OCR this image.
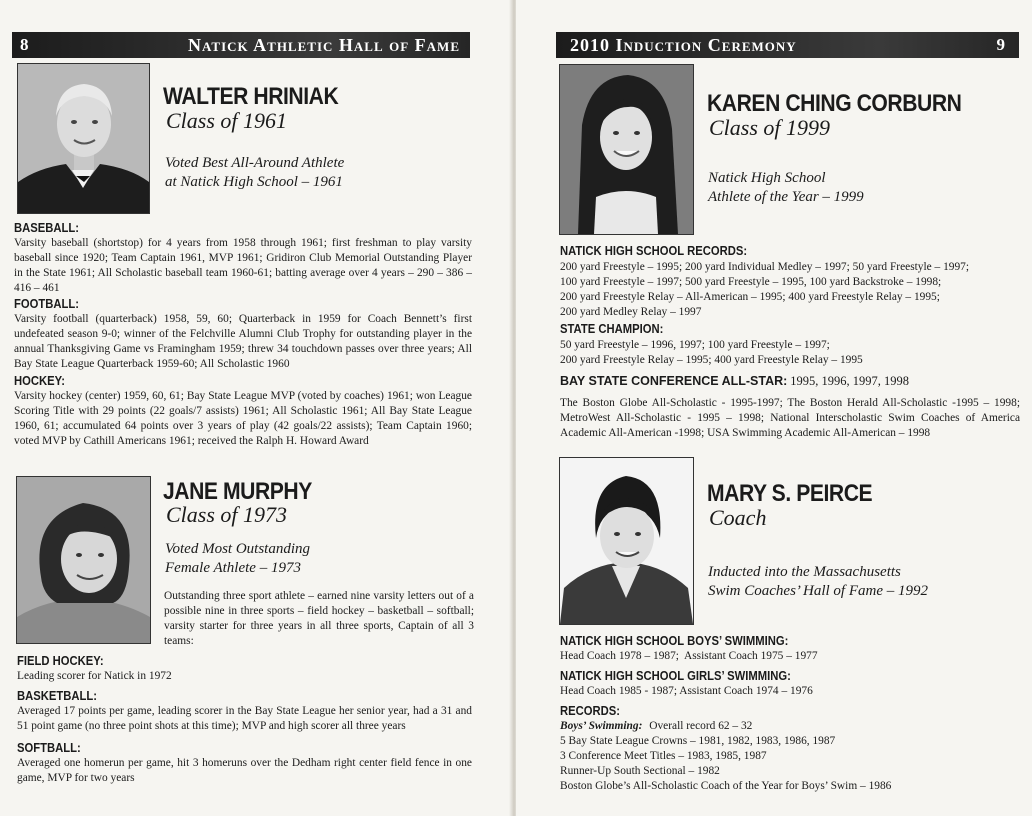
8	Natick Athletic Hall of Fame
WALTER HRINIAK
Class of 1961
Voted Best All-Around Athlete
at Natick High School – 1961
BASEBALL:
Varsity baseball (shortstop) for 4 years from 1958 through 1961; first freshman to play varsity baseball since 1920; Team Captain 1961, MVP 1961; Gridiron Club Memorial Outstanding Player in the State 1961; All Scholastic baseball team 1960-61; batting average over 4 years – 290 – 386 – 416 – 461
FOOTBALL:
Varsity football (quarterback) 1958, 59, 60; Quarterback in 1959 for Coach Bennett’s first undefeated season 9-0; winner of the Felchville Alumni Club Trophy for outstanding player in the annual Thanksgiving Game vs Framingham 1959; threw 34 touchdown passes over three years; All Bay State League Quarterback 1959-60; All Scholastic 1960
HOCKEY:
Varsity hockey (center) 1959, 60, 61; Bay State League MVP (voted by coaches) 1961; won League Scoring Title with 29 points (22 goals/7 assists) 1961; All Scholastic 1961; All Bay State League 1960, 61; accumulated 64 points over 3 years of play (42 goals/22 assists); Team Captain 1960; voted MVP by Cathill Americans 1961; received the Ralph H. Howard Award
JANE MURPHY
Class of 1973
Voted Most Outstanding
Female Athlete – 1973
Outstanding three sport athlete – earned nine varsity letters out of a possible nine in three sports – field hockey – basketball – softball; varsity starter for three years in all three sports, Captain of all 3 teams:
FIELD HOCKEY:
Leading scorer for Natick in 1972
BASKETBALL:
Averaged 17 points per game, leading scorer in the Bay State League her senior year, had a 31 and 51 point game (no three point shots at this time); MVP and high scorer all three years
SOFTBALL:
Averaged one homerun per game, hit 3 homeruns over the Dedham right center field fence in one game, MVP for two years
2010 Induction Ceremony	9
KAREN CHING CORBURN
Class of 1999
Natick High School
Athlete of the Year – 1999
NATICK HIGH SCHOOL RECORDS:
200 yard Freestyle – 1995; 200 yard Individual Medley – 1997; 50 yard Freestyle – 1997;
100 yard Freestyle – 1997; 500 yard Freestyle – 1995, 100 yard Backstroke – 1998;
200 yard Freestyle Relay – All-American – 1995; 400 yard Freestyle Relay – 1995;
200 yard Medley Relay – 1997
STATE CHAMPION:
50 yard Freestyle – 1996, 1997; 100 yard Freestyle – 1997;
200 yard Freestyle Relay – 1995; 400 yard Freestyle Relay – 1995
BAY STATE CONFERENCE ALL-STAR: 1995, 1996, 1997, 1998
The Boston Globe All-Scholastic - 1995-1997; The Boston Herald All-Scholastic -1995 – 1998; MetroWest All-Scholastic - 1995 – 1998; National Interscholastic Swim Coaches of America Academic All-American -1998; USA Swimming Academic All-American – 1998
MARY S. PEIRCE
Coach
Inducted into the Massachusetts
Swim Coaches’ Hall of Fame – 1992
NATICK HIGH SCHOOL BOYS’ SWIMMING:
Head Coach 1978 – 1987;  Assistant Coach 1975 – 1977
NATICK HIGH SCHOOL GIRLS’ SWIMMING:
Head Coach 1985 - 1987; Assistant Coach 1974 – 1976
RECORDS:
Boys’ Swimming: Overall record 62 – 32
5 Bay State League Crowns – 1981, 1982, 1983, 1986, 1987
3 Conference Meet Titles – 1983, 1985, 1987
Runner-Up South Sectional – 1982
Boston Globe’s All-Scholastic Coach of the Year for Boys’ Swim – 1986
